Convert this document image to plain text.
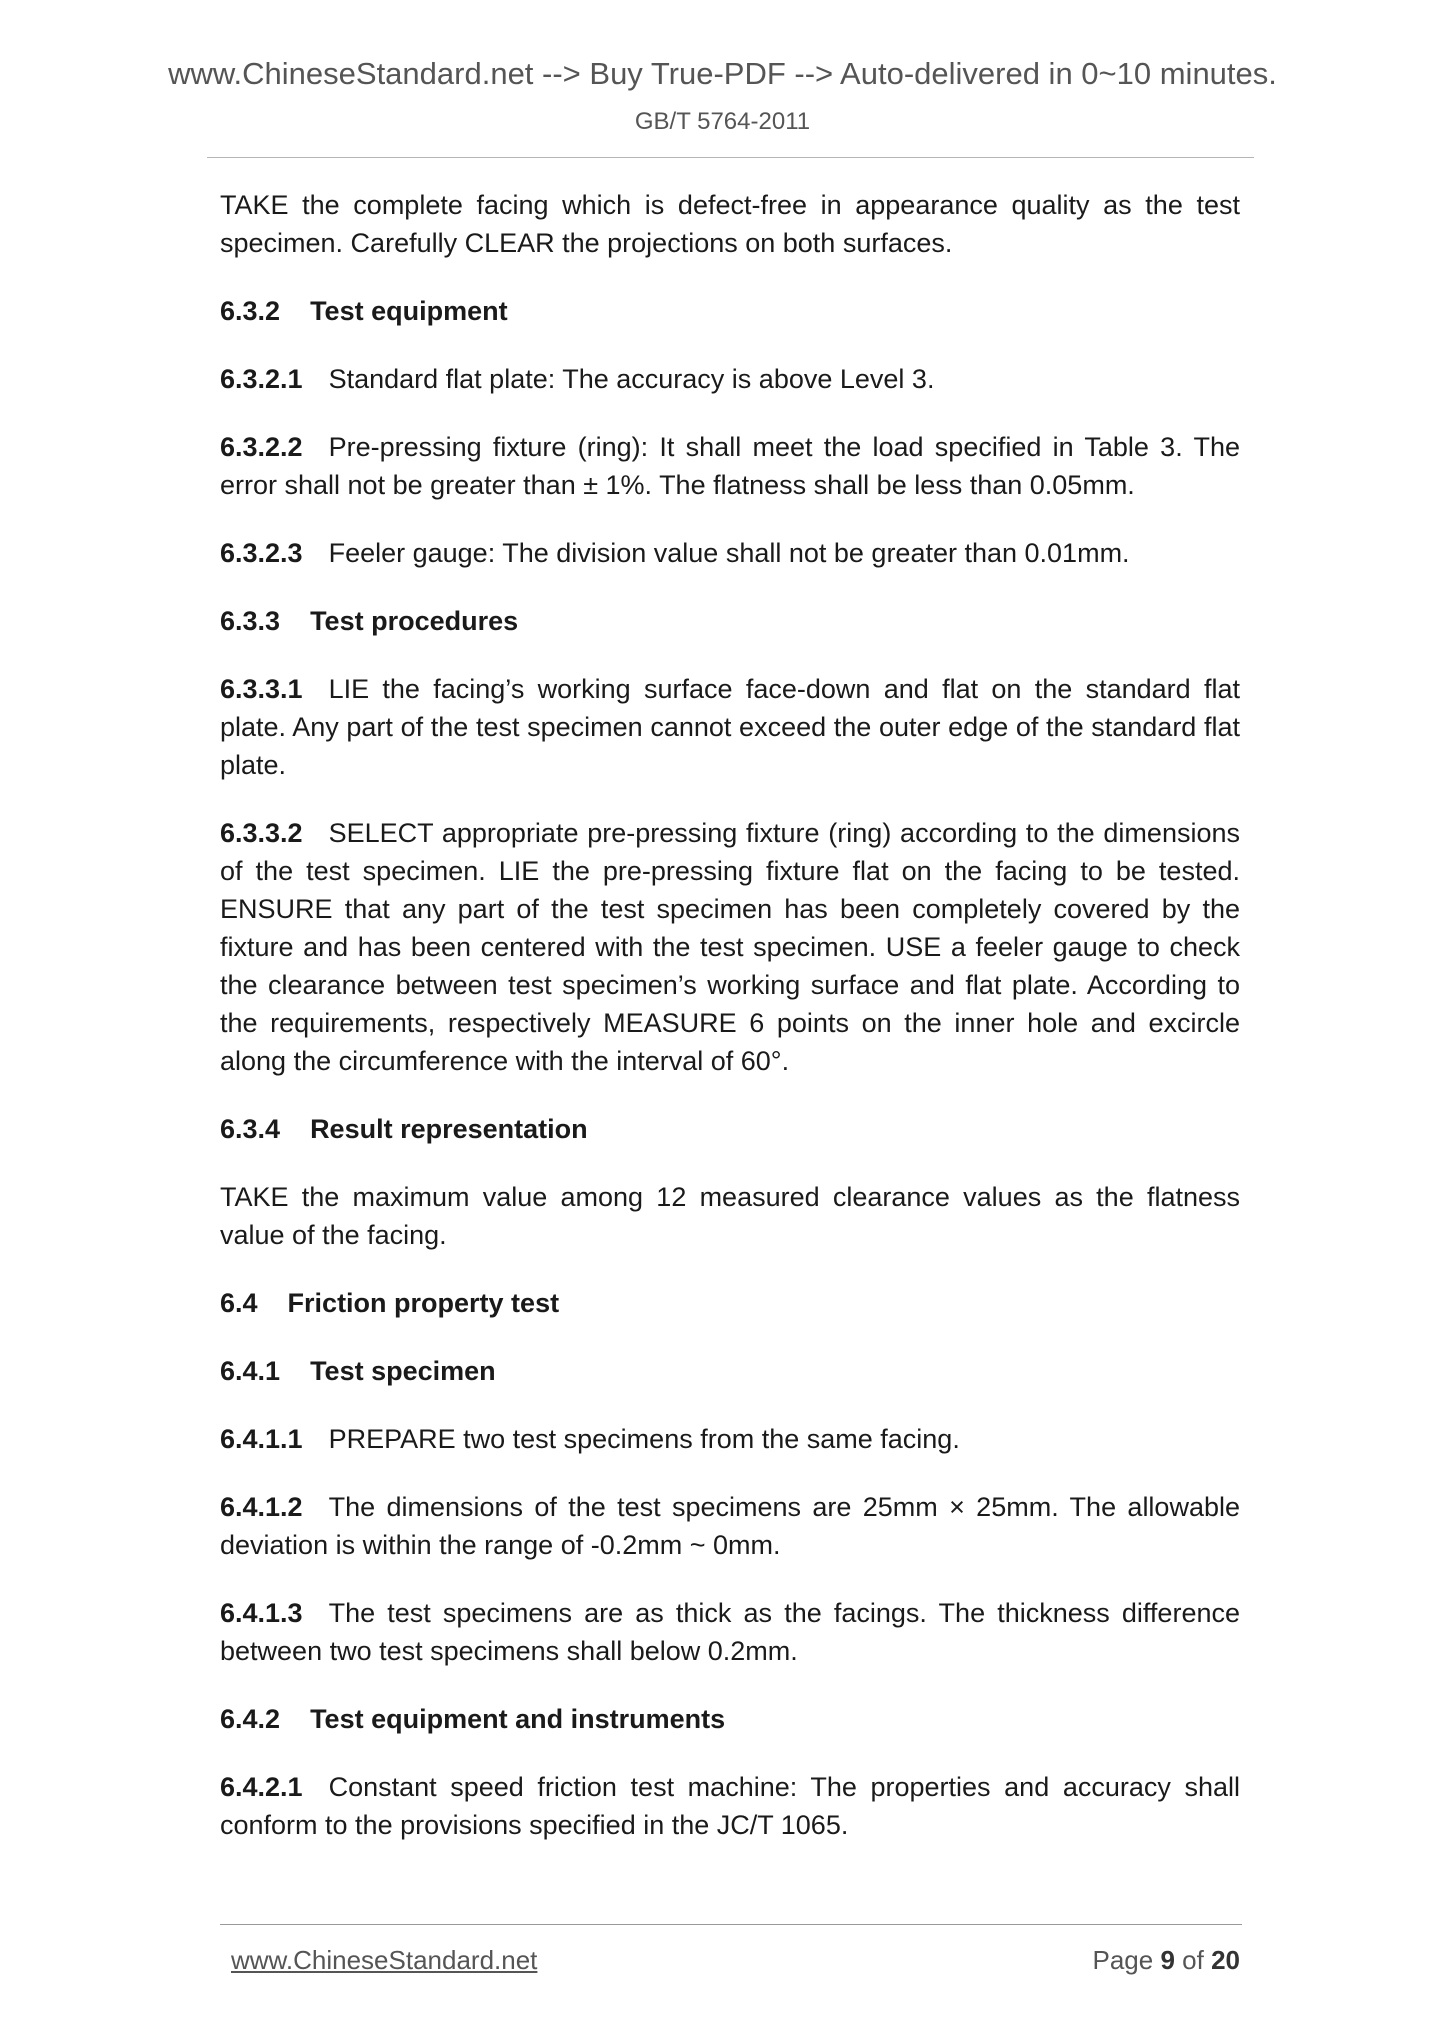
www.ChineseStandard.net --> Buy True-PDF --> Auto-delivered in 0~10 minutes.
GB/T 5764-2011

TAKE the complete facing which is defect-free in appearance quality as the test specimen. Carefully CLEAR the projections on both surfaces.

6.3.2 Test equipment

6.3.2.1 Standard flat plate: The accuracy is above Level 3.

6.3.2.2 Pre-pressing fixture (ring): It shall meet the load specified in Table 3. The error shall not be greater than ± 1%. The flatness shall be less than 0.05mm.

6.3.2.3 Feeler gauge: The division value shall not be greater than 0.01mm.

6.3.3 Test procedures

6.3.3.1 LIE the facing’s working surface face-down and flat on the standard flat plate. Any part of the test specimen cannot exceed the outer edge of the standard flat plate.

6.3.3.2 SELECT appropriate pre-pressing fixture (ring) according to the dimensions of the test specimen. LIE the pre-pressing fixture flat on the facing to be tested. ENSURE that any part of the test specimen has been completely covered by the fixture and has been centered with the test specimen. USE a feeler gauge to check the clearance between test specimen’s working surface and flat plate. According to the requirements, respectively MEASURE 6 points on the inner hole and excircle along the circumference with the interval of 60°.

6.3.4 Result representation

TAKE the maximum value among 12 measured clearance values as the flatness value of the facing.

6.4 Friction property test

6.4.1 Test specimen

6.4.1.1 PREPARE two test specimens from the same facing.

6.4.1.2 The dimensions of the test specimens are 25mm × 25mm. The allowable deviation is within the range of -0.2mm ~ 0mm.

6.4.1.3 The test specimens are as thick as the facings. The thickness difference between two test specimens shall below 0.2mm.

6.4.2 Test equipment and instruments

6.4.2.1 Constant speed friction test machine: The properties and accuracy shall conform to the provisions specified in the JC/T 1065.

www.ChineseStandard.net	Page 9 of 20
